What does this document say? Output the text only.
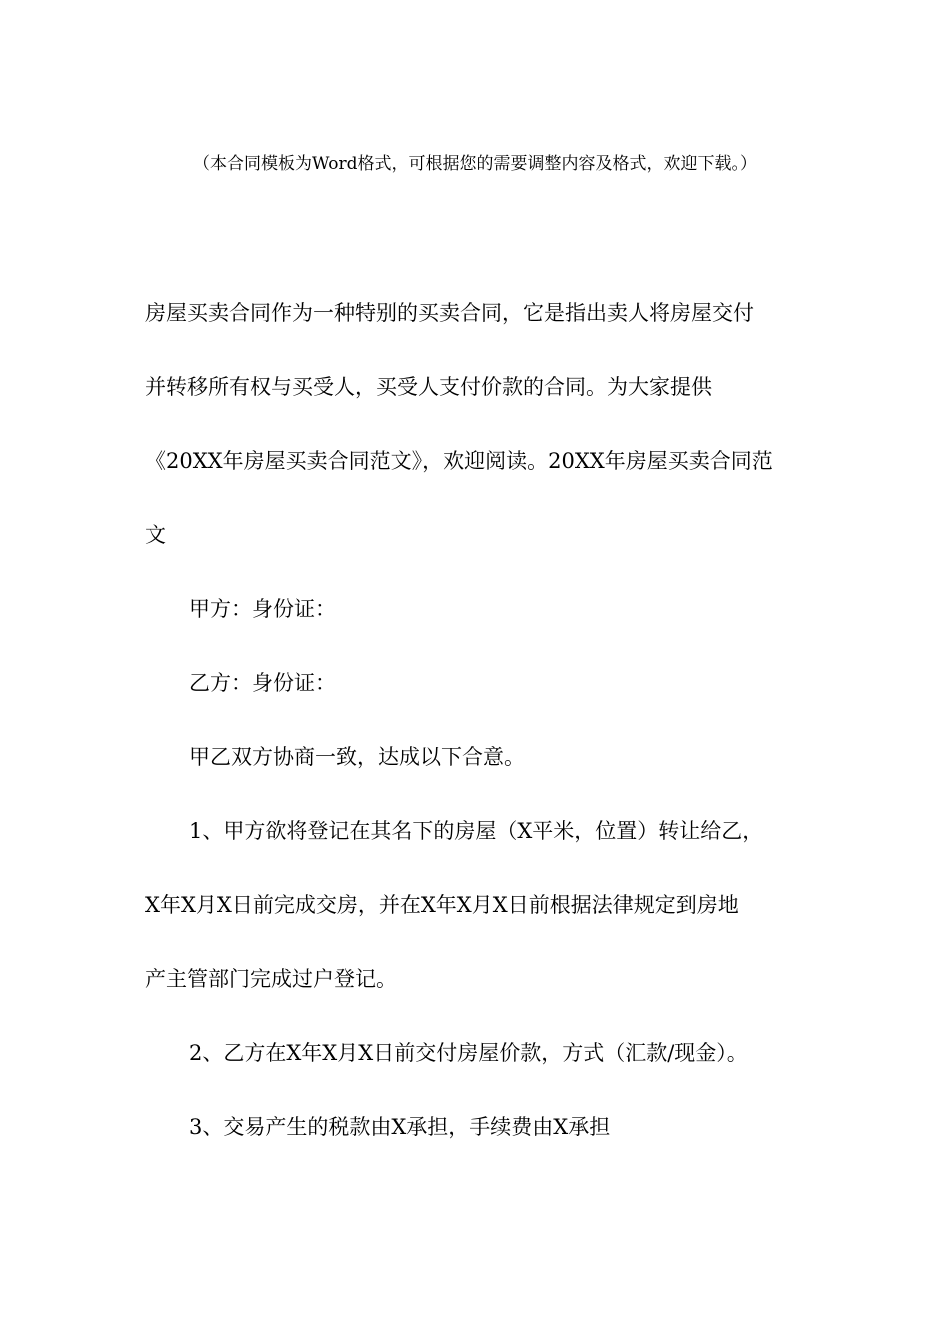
（本合同模板为Word格式，可根据您的需要调整内容及格式，欢迎下载。）
房屋买卖合同作为一种特别的买卖合同，它是指出卖人将房屋交付
并转移所有权与买受人，买受人支付价款的合同。为大家提供
《20XX年房屋买卖合同范文》，欢迎阅读。20XX年房屋买卖合同范
文
甲方：身份证：
乙方：身份证：
甲乙双方协商一致，达成以下合意。
1、甲方欲将登记在其名下的房屋（X平米，位置）转让给乙，
X年X月X日前完成交房，并在X年X月X日前根据法律规定到房地
产主管部门完成过户登记。
2、乙方在X年X月X日前交付房屋价款，方式（汇款/现金）。
3、交易产生的税款由X承担，手续费由X承担
